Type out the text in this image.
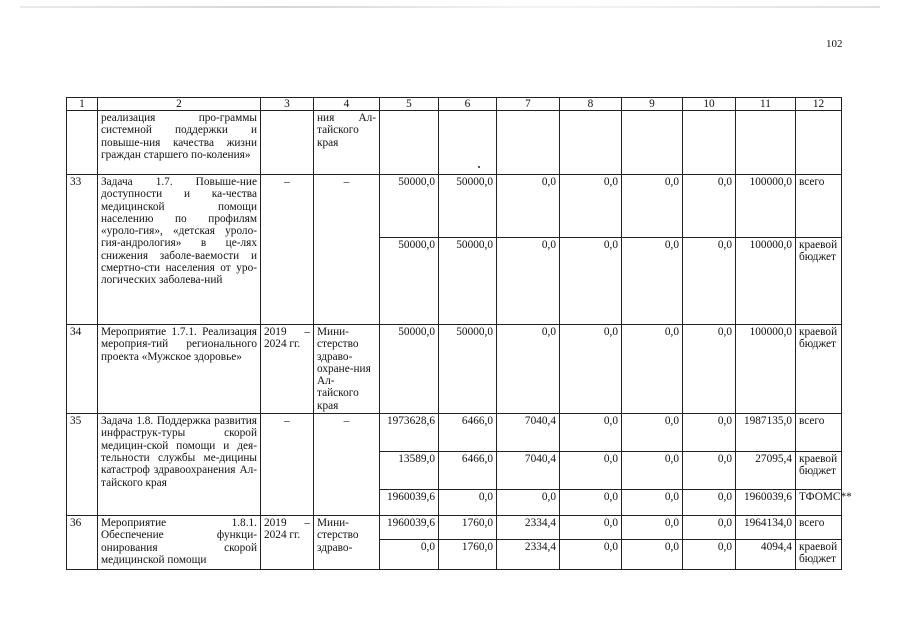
102
1	2	3	4	5	6	7	8	9	10	11	12
	реализация про-граммы системной поддержки и повыше-ния качества жизни граждан старшего по-коления»		ния Ал-тайского края								
33	Задача 1.7. Повыше-ние доступности и ка-чества медицинской помощи населению по профилям «уроло-гия», «детская уроло-гия-андрология» в це-лях снижения заболе-ваемости и смертно-сти населения от уро-логических заболева-ний	–	–	50000,0	50000,0	0,0	0,0	0,0	0,0	100000,0	всего
				50000,0	50000,0	0,0	0,0	0,0	0,0	100000,0	краевой бюджет
34	Мероприятие 1.7.1. Реализация мероприя-тий регионального проекта «Мужское здоровье»	2019 – 2024 гг.	Мини-стерство здраво-охране-ния Ал-тайского края	50000,0	50000,0	0,0	0,0	0,0	0,0	100000,0	краевой бюджет
35	Задача 1.8. Поддержка развития инфраструк-туры скорой медицин-ской помощи и дея-тельности службы ме-дицины катастроф здравоохранения Ал-тайского края	–	–	1973628,6	6466,0	7040,4	0,0	0,0	0,0	1987135,0	всего
				13589,0	6466,0	7040,4	0,0	0,0	0,0	27095,4	краевой бюджет
				1960039,6	0,0	0,0	0,0	0,0	0,0	1960039,6	ТФОМС**
36	Мероприятие 1.8.1. Обеспечение функци-онирования скорой медицинской помощи	2019 – 2024 гг.	Мини-стерство здраво-	1960039,6	1760,0	2334,4	0,0	0,0	0,0	1964134,0	всего
				0,0	1760,0	2334,4	0,0	0,0	0,0	4094,4	краевой бюджет
